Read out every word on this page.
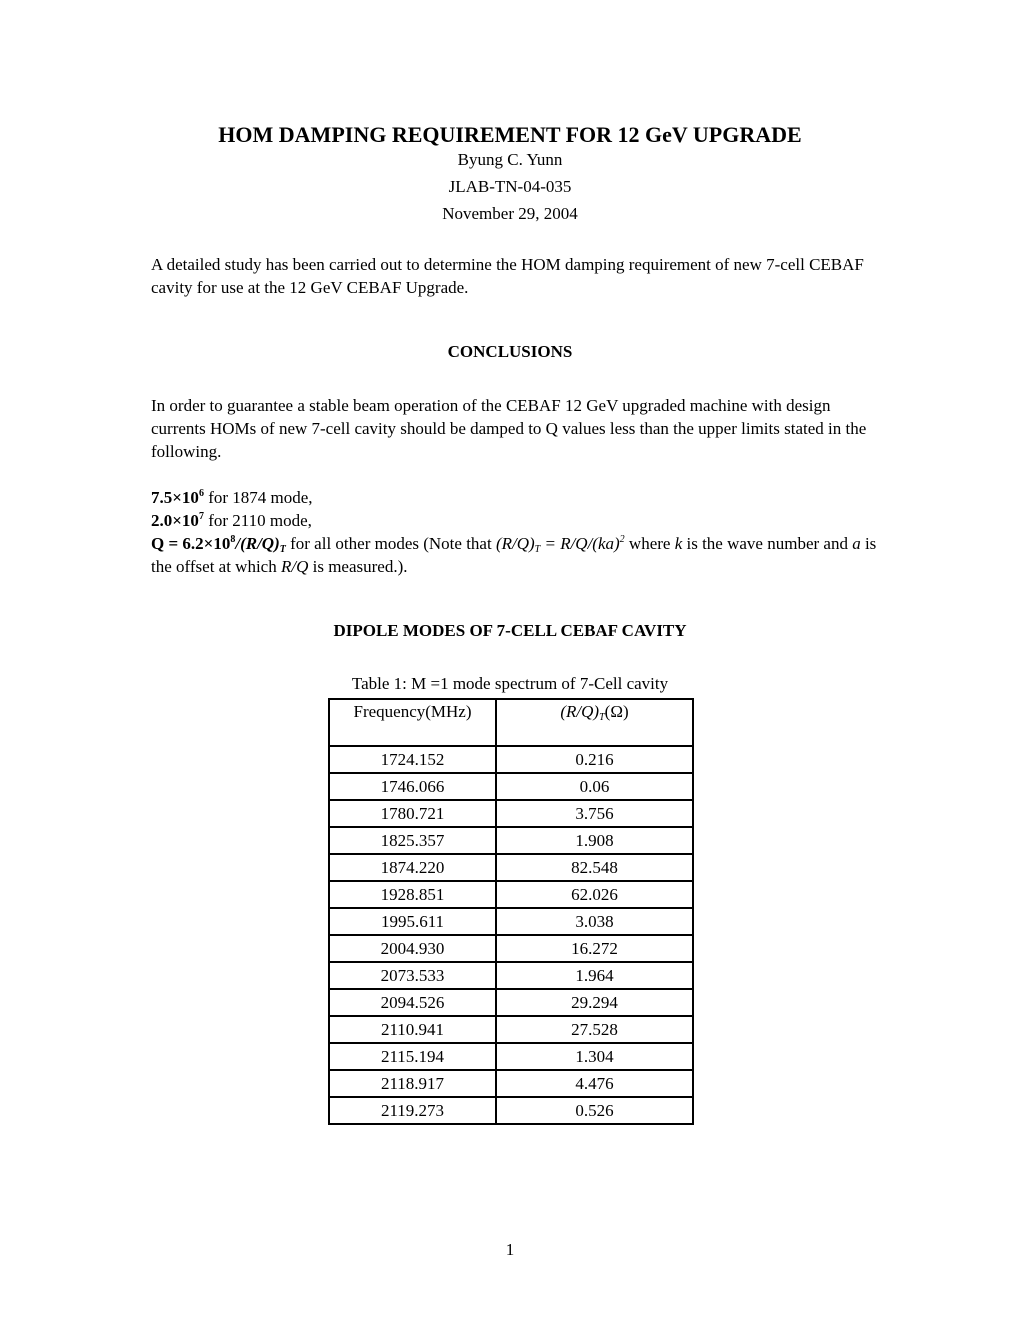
HOM DAMPING REQUIREMENT FOR 12 GeV UPGRADE
Byung C. Yunn
JLAB-TN-04-035
November 29, 2004
A detailed study has been carried out to determine the HOM damping requirement of new 7-cell CEBAF cavity for use at the 12 GeV CEBAF Upgrade.
CONCLUSIONS
In order to guarantee a stable beam operation of the CEBAF 12 GeV upgraded machine with design currents HOMs of new 7-cell cavity should be damped to Q values less than the upper limits stated in the following.
$7.5\times 10^6$ for 1874 mode,
$2.0\times 10^7$ for 2110 mode,
$Q = 6.2\times 10^8/(R/Q)_T$ for all other modes (Note that $(R/Q)_T = R/Q/(ka)^2$ where k is the wave number and a is the offset at which R/Q is measured.).
DIPOLE MODES OF 7-CELL CEBAF CAVITY
Table 1: M =1 mode spectrum of 7-Cell cavity
Frequency(MHz)	$(R/Q)_T(\Omega)$
1724.152	0.216
1746.066	0.06
1780.721	3.756
1825.357	1.908
1874.220	82.548
1928.851	62.026
1995.611	3.038
2004.930	16.272
2073.533	1.964
2094.526	29.294
2110.941	27.528
2115.194	1.304
2118.917	4.476
2119.273	0.526
1
